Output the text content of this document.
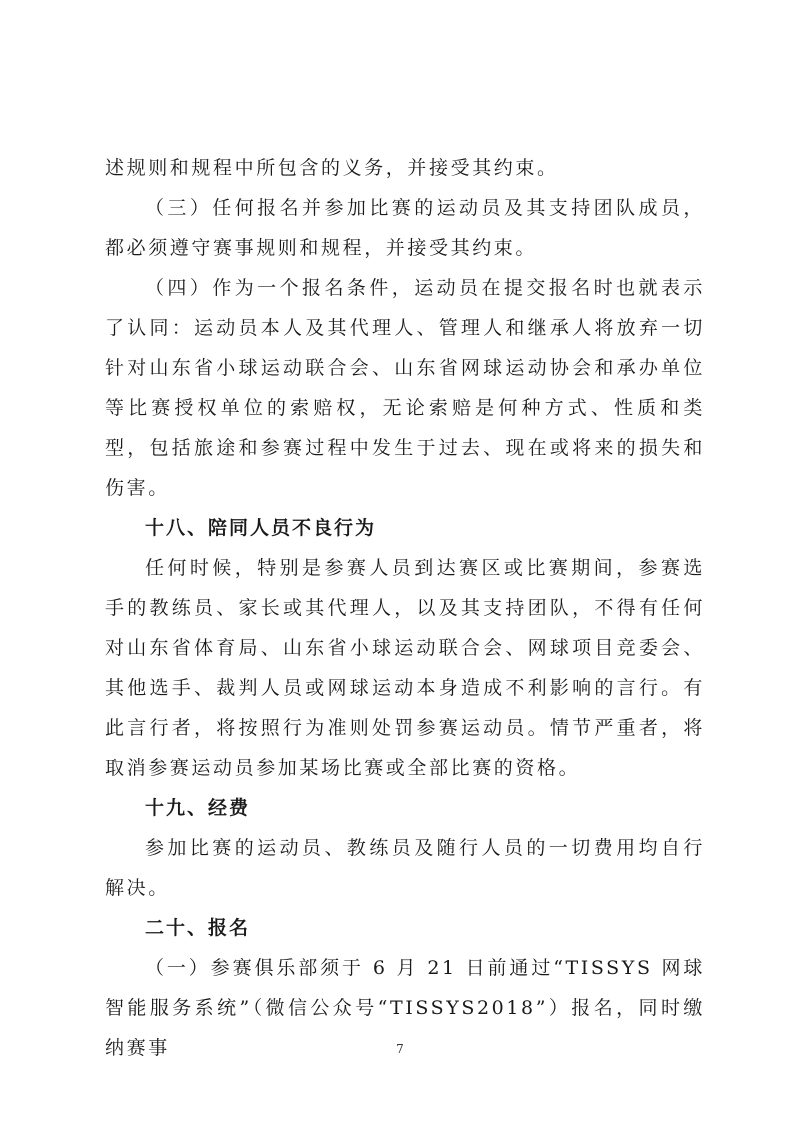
述规则和规程中所包含的义务，并接受其约束。

（三）任何报名并参加比赛的运动员及其支持团队成员，都必须遵守赛事规则和规程，并接受其约束。

（四）作为一个报名条件，运动员在提交报名时也就表示了认同：运动员本人及其代理人、管理人和继承人将放弃一切针对山东省小球运动联合会、山东省网球运动协会和承办单位等比赛授权单位的索赔权，无论索赔是何种方式、性质和类型，包括旅途和参赛过程中发生于过去、现在或将来的损失和伤害。

十八、陪同人员不良行为

任何时候，特别是参赛人员到达赛区或比赛期间，参赛选手的教练员、家长或其代理人，以及其支持团队，不得有任何对山东省体育局、山东省小球运动联合会、网球项目竞委会、其他选手、裁判人员或网球运动本身造成不利影响的言行。有此言行者，将按照行为准则处罚参赛运动员。情节严重者，将取消参赛运动员参加某场比赛或全部比赛的资格。

十九、经费

参加比赛的运动员、教练员及随行人员的一切费用均自行解决。

二十、报名

（一）参赛俱乐部须于 6 月 21 日前通过“TISSYS 网球智能服务系统”（微信公众号“TISSYS2018”）报名，同时缴纳赛事	7
